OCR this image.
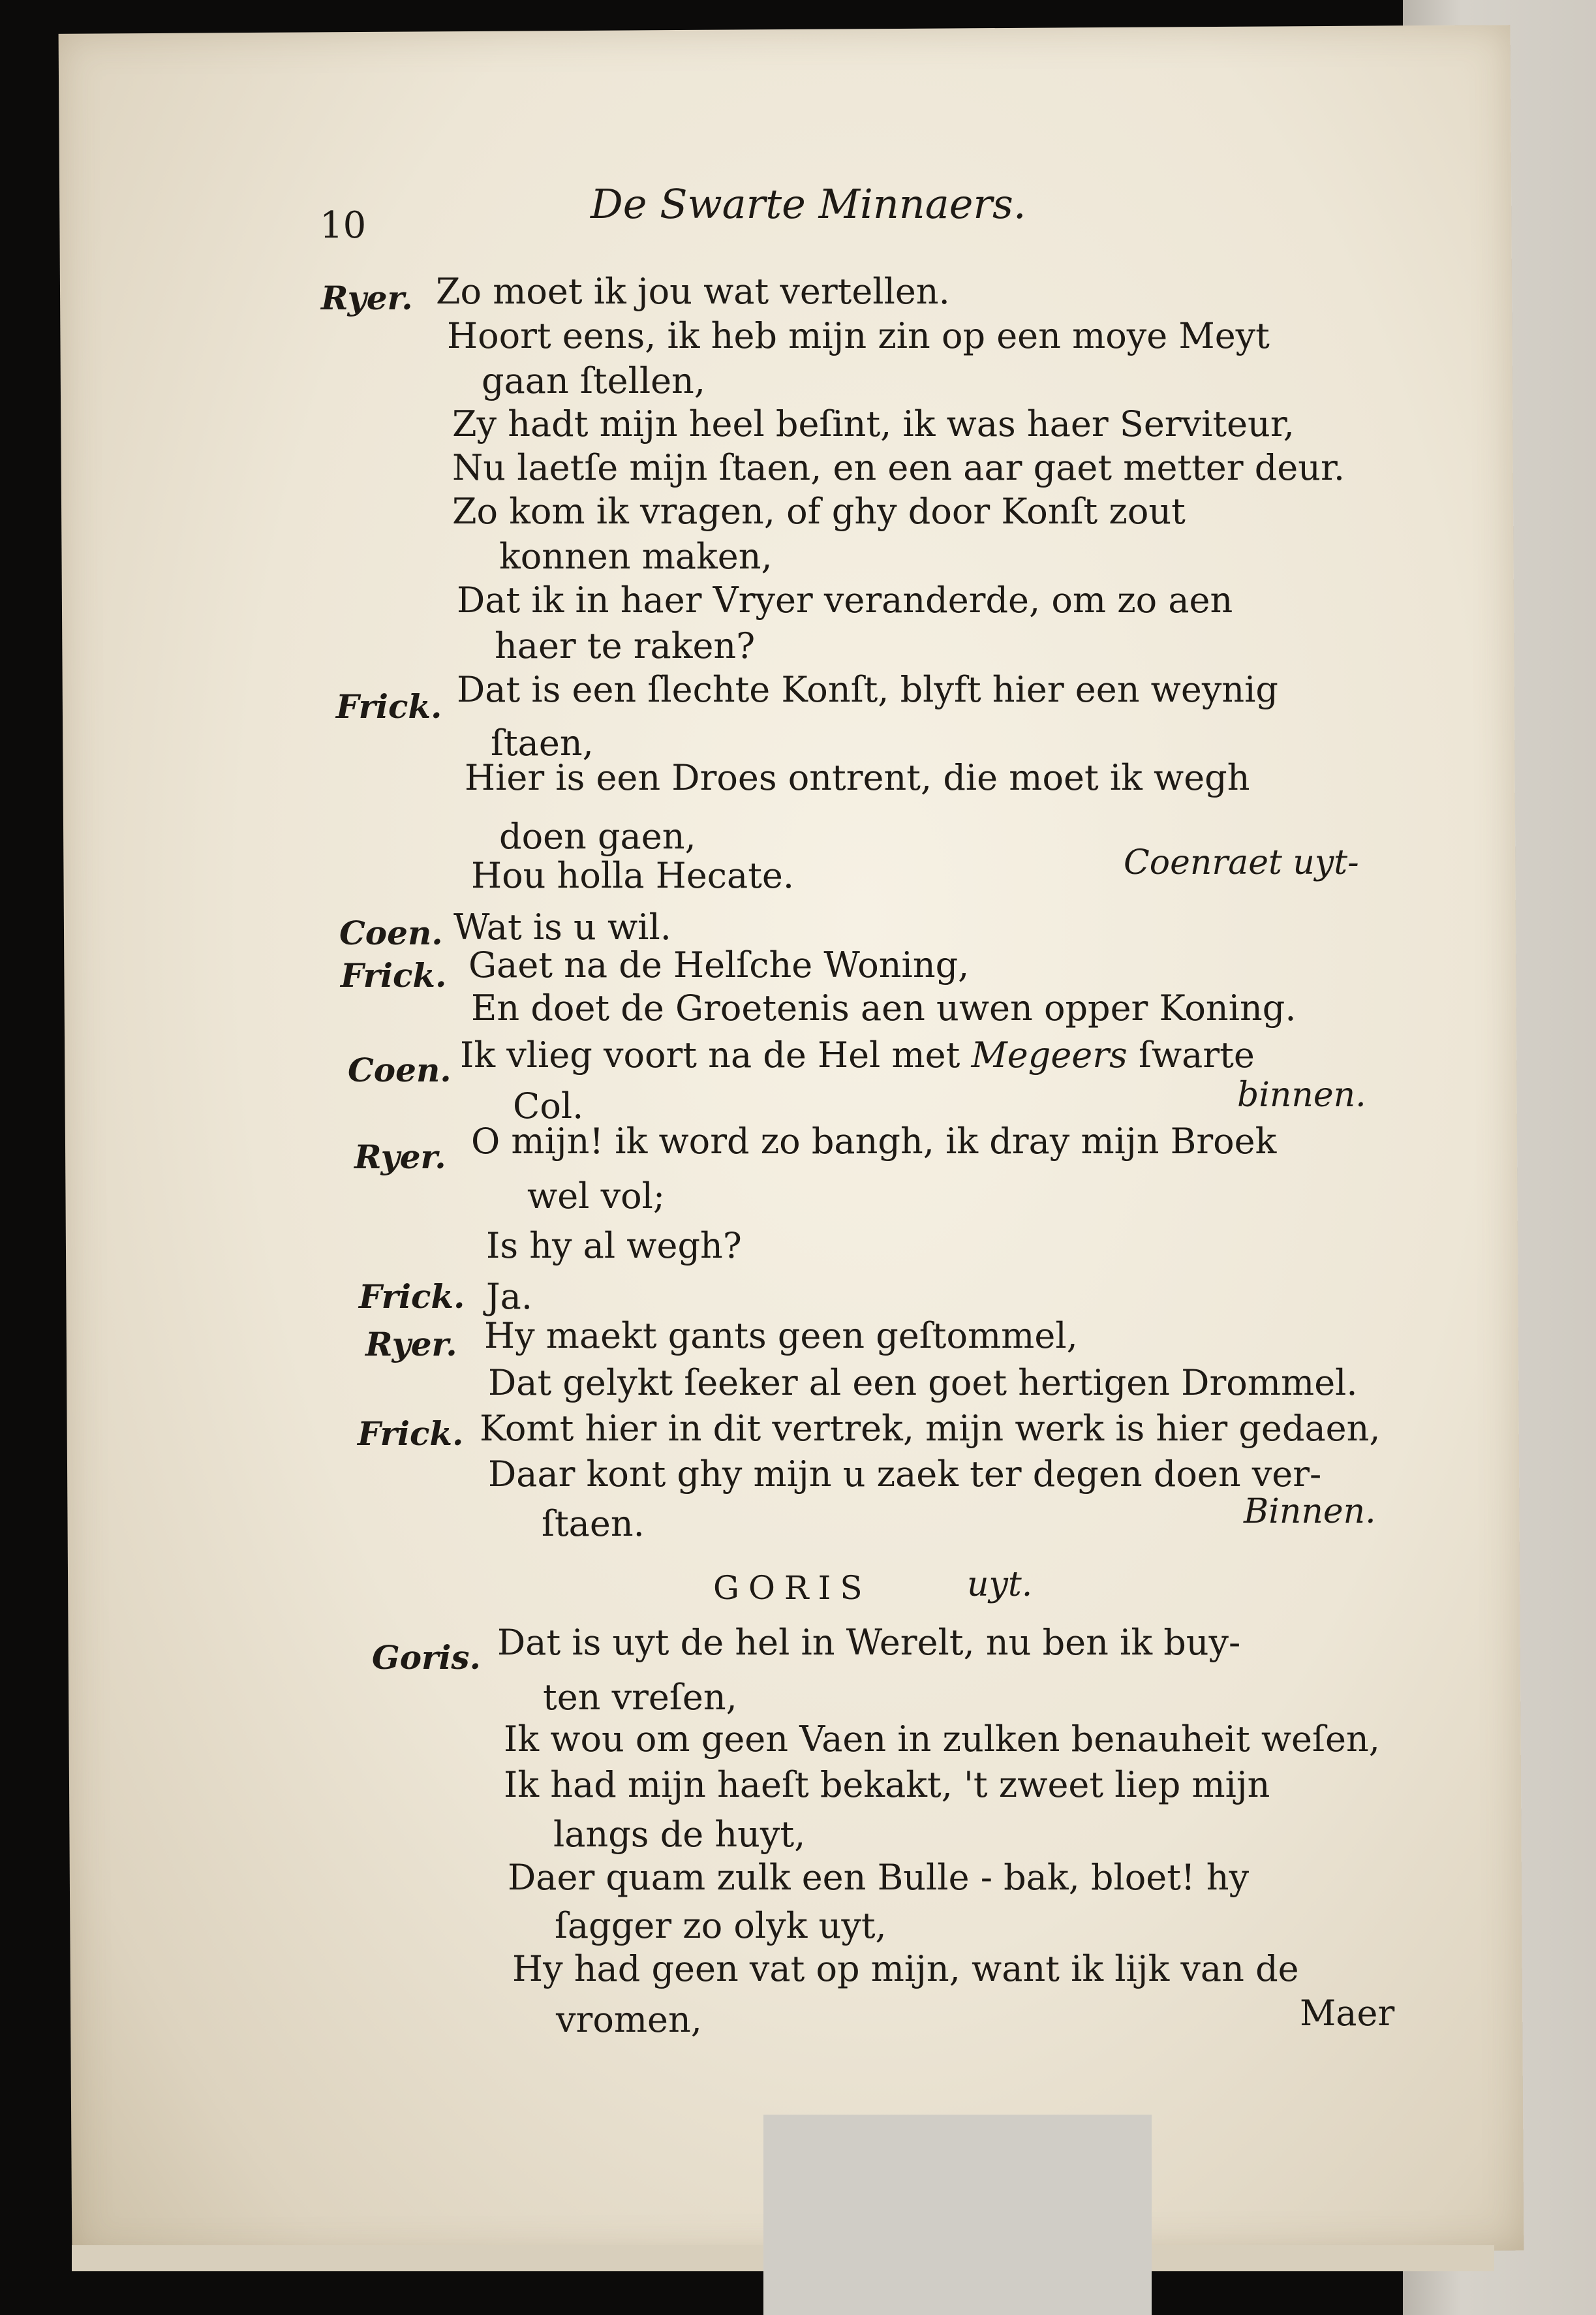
10	De Swarte Minnaers.
Ryer. Zo moet ik jou wat vertellen.
Hoort eens, ik heb mijn zin op een moye Meyt
gaan ſtellen,
Zy hadt mijn heel beſint, ik was haer Serviteur,
Nu laetſe mijn ſtaen, en een aar gaet metter deur.
Zo kom ik vragen, of ghy door Konſt zout
konnen maken,
Dat ik in haer Vryer veranderde, om zo aen
haer te raken?
Frick. Dat is een ſlechte Konſt, blyft hier een weynig
ſtaen,
Hier is een Droes ontrent, die moet ik wegh
doen gaen,
Hou holla Hecate.	Coenraet uyt-
Coen. Wat is u wil.
Frick. Gaet na de Helſche Woning,
En doet de Groetenis aen uwen opper Koning.
Coen. Ik vlieg voort na de Hel met Megeers ſwarte
Col.	binnen.
Ryer. O mijn! ik word zo bangh, ik dray mijn Broek
wel vol;
Is hy al wegh?
Frick. Ja.
Ryer. Hy maekt gants geen geſtommel,
Dat gelykt ſeeker al een goet hertigen Drommel.
Frick. Komt hier in dit vertrek, mijn werk is hier gedaen,
Daar kont ghy mijn u zaek ter degen doen ver-
ſtaen.	Binnen.
GORIS	uyt.
Goris. Dat is uyt de hel in Werelt, nu ben ik buy-
ten vreſen,
Ik wou om geen Vaen in zulken benauheit weſen,
Ik had mijn haeſt bekakt, 't zweet liep mijn
langs de huyt,
Daer quam zulk een Bulle - bak, bloet! hy
ſagger zo olyk uyt,
Hy had geen vat op mijn, want ik lijk van de
vromen,	Maer
